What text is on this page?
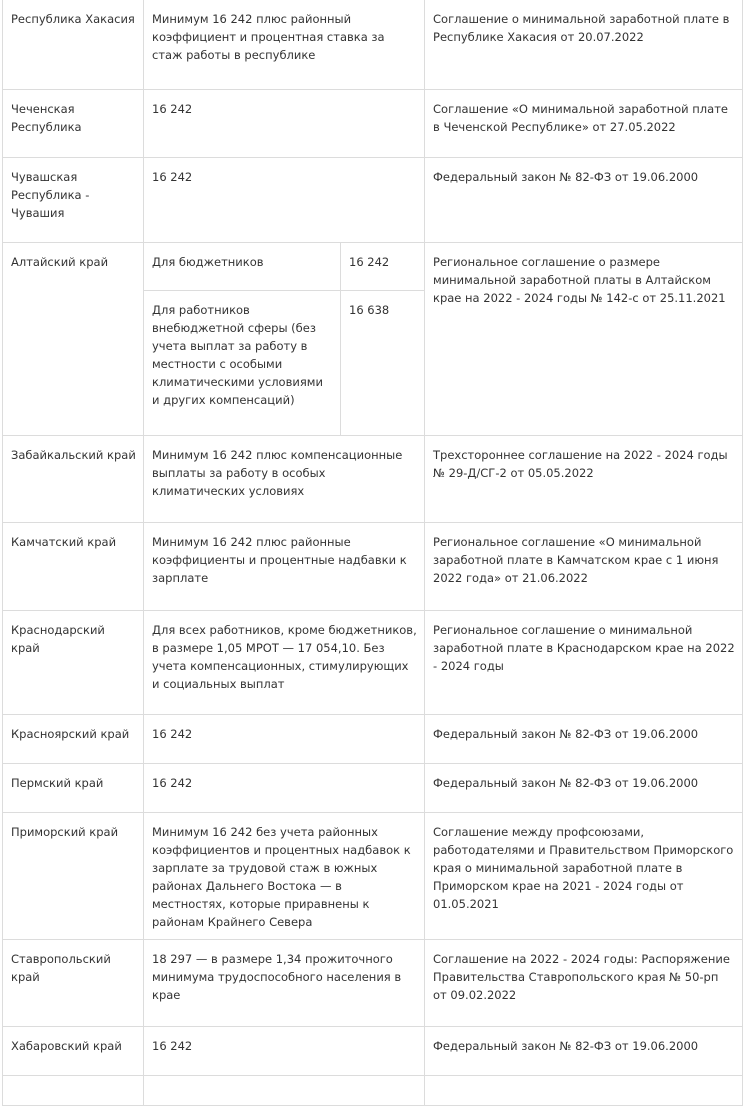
Республика Хакасия	Минимум 16 242 плюс районный коэффициент и процентная ставка за стаж работы в республике		Соглашение о минимальной заработной плате в Республике Хакасия от 20.07.2022
Чеченская Республика	16 242		Соглашение «О минимальной заработной плате в Чеченской Республике» от 27.05.2022
Чувашская Республика - Чувашия	16 242		Федеральный закон № 82-ФЗ от 19.06.2000
Алтайский край	Для бюджетников	16 242	Региональное соглашение о размере минимальной заработной платы в Алтайском крае на 2022 - 2024 годы № 142-с от 25.11.2021
	Для работников внебюджетной сферы (без учета выплат за работу в местности с особыми климатическими условиями и других компенсаций)	16 638	
Забайкальский край	Минимум 16 242 плюс компенсационные выплаты за работу в особых климатических условиях		Трехстороннее соглашение на 2022 - 2024 годы № 29-Д/СГ-2 от 05.05.2022
Камчатский край	Минимум 16 242 плюс районные коэффициенты и процентные надбавки к зарплате		Региональное соглашение «О минимальной заработной плате в Камчатском крае с 1 июня 2022 года» от 21.06.2022
Краснодарский край	Для всех работников, кроме бюджетников, в размере 1,05 МРОТ — 17 054,10. Без учета компенсационных, стимулирующих и социальных выплат		Региональное соглашение о минимальной заработной плате в Краснодарском крае на 2022 - 2024 годы
Красноярский край	16 242		Федеральный закон № 82-ФЗ от 19.06.2000
Пермский край	16 242		Федеральный закон № 82-ФЗ от 19.06.2000
Приморский край	Минимум 16 242 без учета районных коэффициентов и процентных надбавок к зарплате за трудовой стаж в южных районах Дальнего Востока — в местностях, которые приравнены к районам Крайнего Севера		Соглашение между профсоюзами, работодателями и Правительством Приморского края о минимальной заработной плате в Приморском крае на 2021 - 2024 годы от 01.05.2021
Ставропольский край	18 297 — в размере 1,34 прожиточного минимума трудоспособного населения в крае		Соглашение на 2022 - 2024 годы: Распоряжение Правительства Ставропольского края № 50-рп от 09.02.2022
Хабаровский край	16 242		Федеральный закон № 82-ФЗ от 19.06.2000
